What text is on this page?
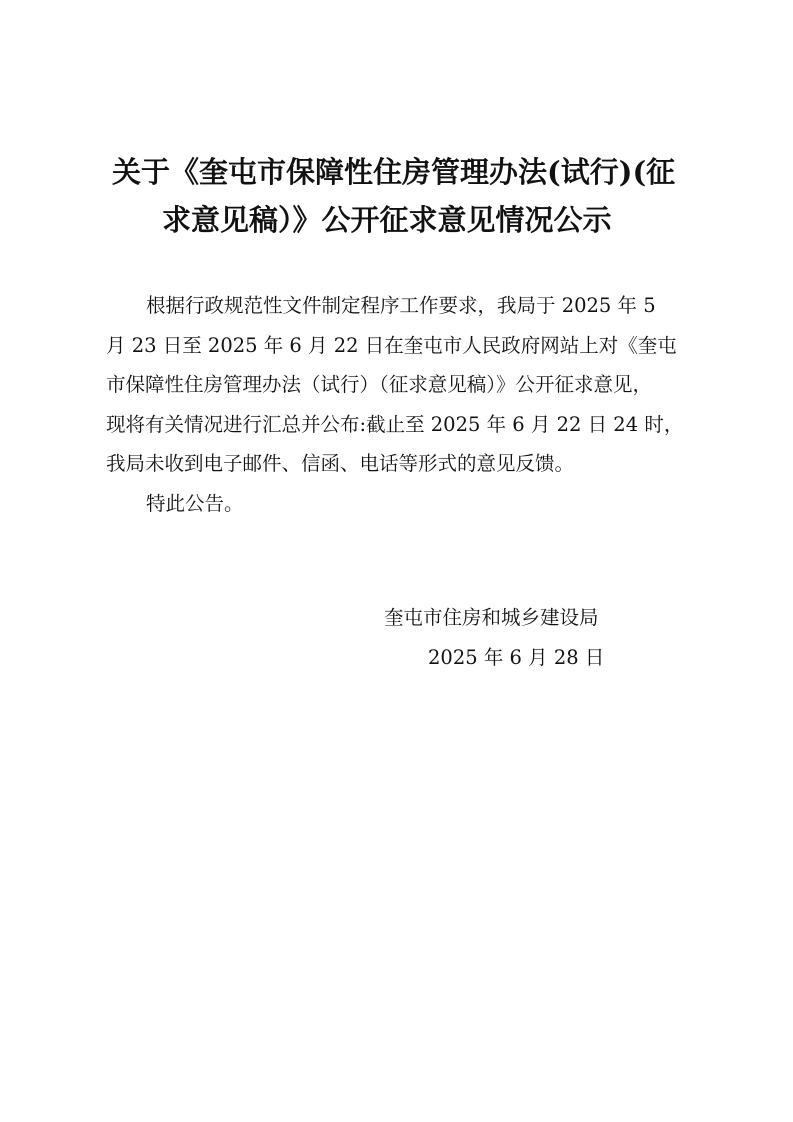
关于《奎屯市保障性住房管理办法(试行)(征
求意见稿）》公开征求意见情况公示
根据行政规范性文件制定程序工作要求，我局于 2025 年 5
月 23 日至 2025 年 6 月 22 日在奎屯市人民政府网站上对《奎屯
市保障性住房管理办法（试行）（征求意见稿）》公开征求意见，
现将有关情况进行汇总并公布:截止至 2025 年 6 月 22 日 24 时，
我局未收到电子邮件、信函、电话等形式的意见反馈。
特此公告。
奎屯市住房和城乡建设局
2025 年 6 月 28 日
